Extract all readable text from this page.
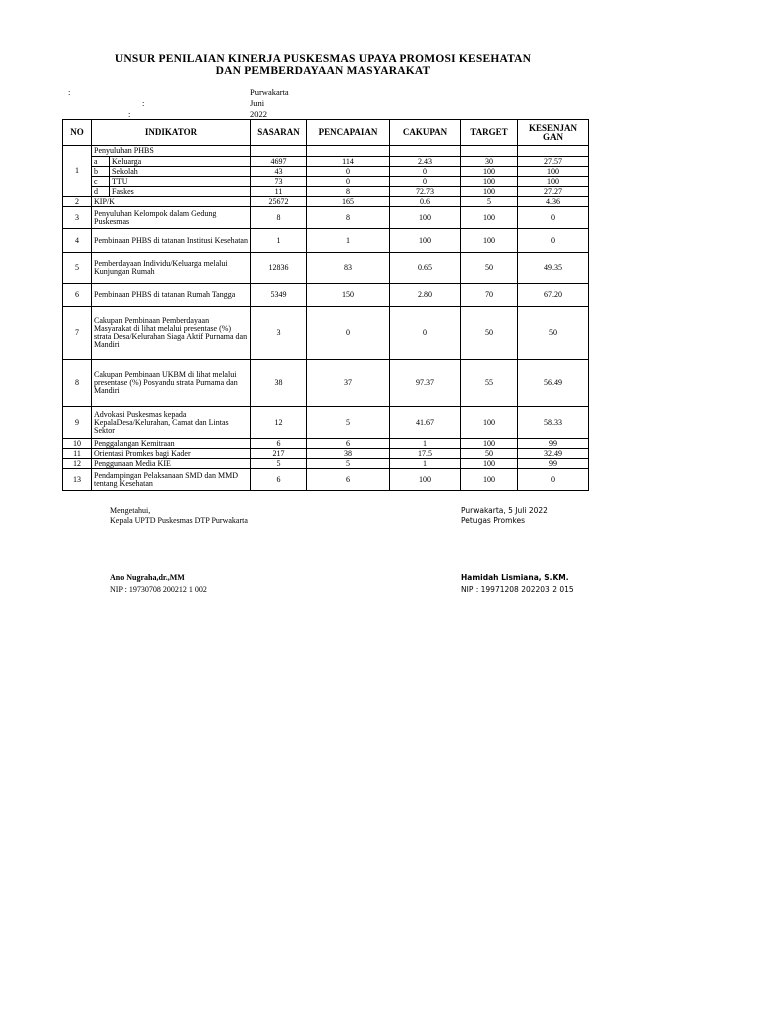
UNSUR PENILAIAN KINERJA PUSKESMAS UPAYA PROMOSI KESEHATAN
DAN PEMBERDAYAAN MASYARAKAT
:
:
:
Purwakarta
Juni
2022
NO	INDIKATOR		SASARAN	PENCAPAIAN	CAKUPAN	TARGET	KESENJAN GAN
1	Penyuluhan PHBS						
	a	Keluarga	4697	114	2.43	30	27.57
	b	Sekolah	43	0	0	100	100
	c	TTU	73	0	0	100	100
	d	Faskes	11	8	72.73	100	27.27
2	KIP/K		25672	165	0.6	5	4.36
3	Penyuluhan Kelompok dalam Gedung Puskesmas		8	8	100	100	0
4	Pembinaan PHBS di tatanan Institusi Kesehatan		1	1	100	100	0
5	Pemberdayaan Individu/Keluarga melalui Kunjungan Rumah		12836	83	0.65	50	49.35
6	Pembinaan PHBS di tatanan Rumah Tangga		5349	150	2.80	70	67.20
7	Cakupan Pembinaan Pemberdayaan Masyarakat di lihat melalui presentase (%) strata Desa/Kelurahan Siaga Aktif Purnama dan Mandiri		3	0	0	50	50
8	Cakupan Pembinaan UKBM di lihat melalui presentase (%) Posyandu strata Purnama dan Mandiri		38	37	97.37	55	56.49
9	Advokasi Puskesmas kepada KepalaDesa/Kelurahan, Camat dan Lintas Sektor		12	5	41.67	100	58.33
10	Penggalangan Kemitraan		6	6	1	100	99
11	Orientasi Promkes bagi Kader		217	38	17.5	50	32.49
12	Penggunaan Media KIE		5	5	1	100	99
13	Pendampingan Pelaksanaan SMD dan MMD tentang Kesehatan		6	6	100	100	0
Mengetahui,
Kepala UPTD Puskesmas DTP Purwakarta
Ano Nugraha,dr.,MM
NIP : 19730708 200212 1 002
Purwakarta, 5 Juli 2022
Petugas Promkes
Hamidah Lismiana, S.KM.
NIP : 19971208 202203 2 015
